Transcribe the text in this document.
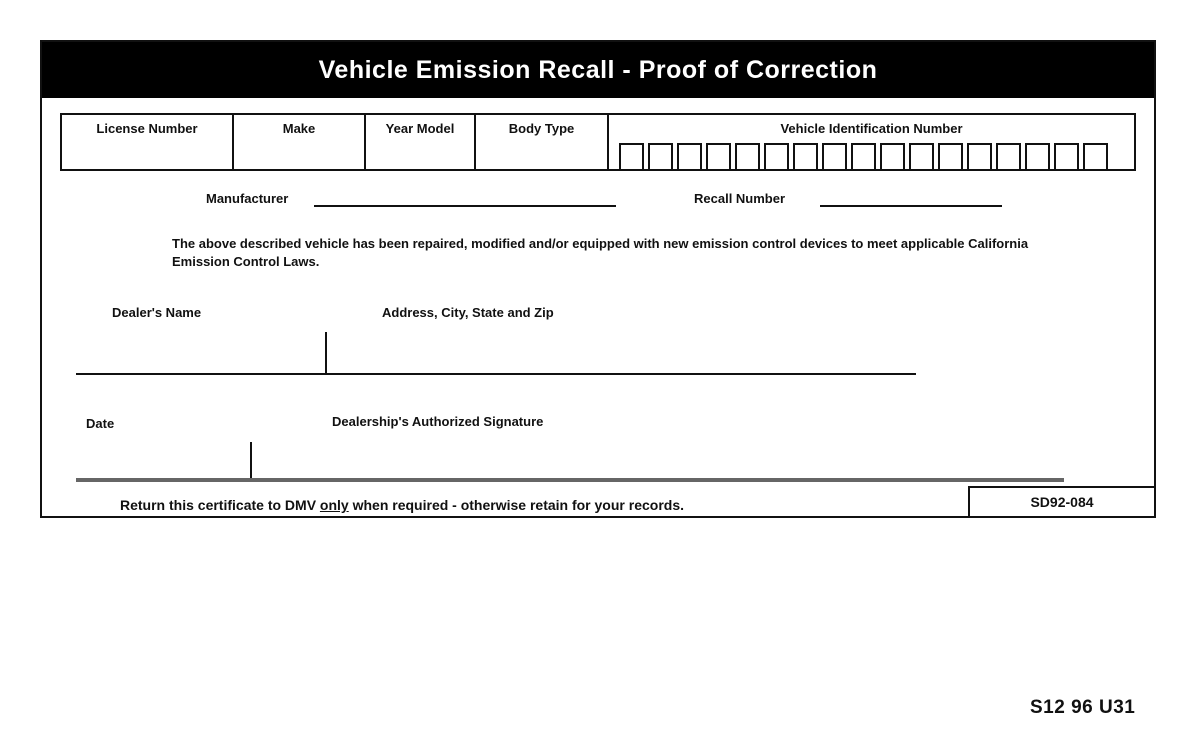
Vehicle Emission Recall - Proof of Correction
License Number	Make	Year Model	Body Type	Vehicle Identification Number
Manufacturer	Recall Number
The above described vehicle has been repaired, modified and/or equipped with new emission control devices to meet applicable California Emission Control Laws.
Dealer's Name	Address, City, State and Zip
Date	Dealership's Authorized Signature
Return this certificate to DMV only when required - otherwise retain for your records.	SD92-084
S12 96 U31
